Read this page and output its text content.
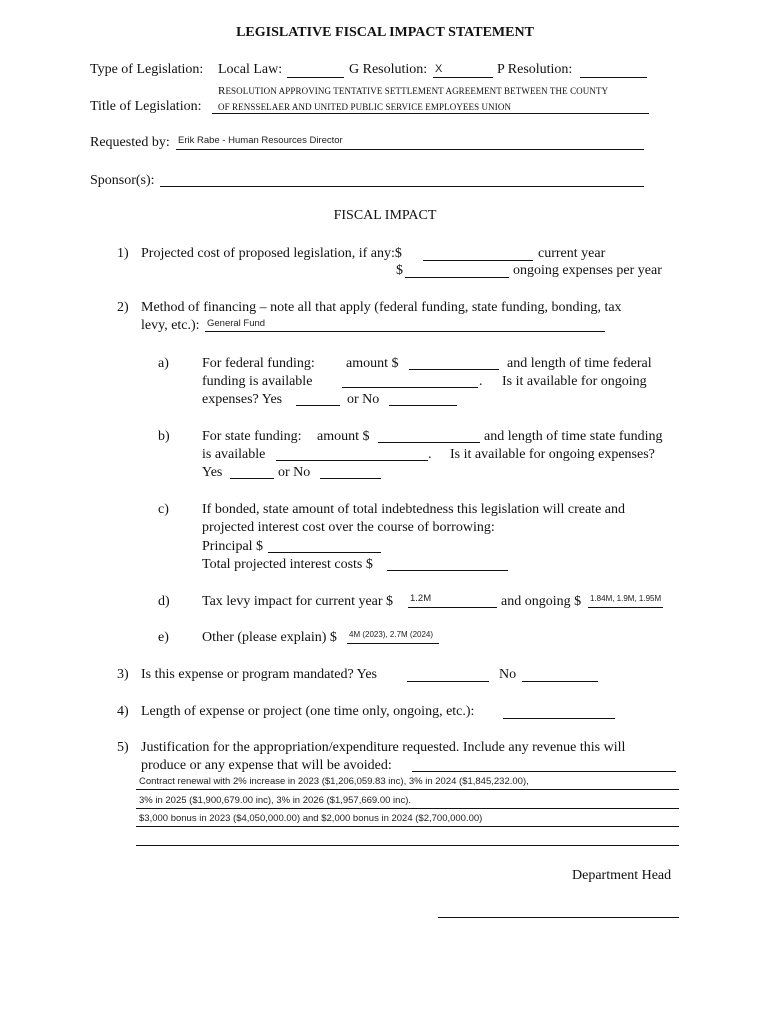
LEGISLATIVE FISCAL IMPACT STATEMENT
Type of Legislation: Local Law:	G Resolution: X	P Resolution:
RESOLUTION APPROVING TENTATIVE SETTLEMENT AGREEMENT BETWEEN THE COUNTY
Title of Legislation: OF RENSSELAER AND UNITED PUBLIC SERVICE EMPLOYEES UNION
Requested by: Erik Rabe - Human Resources Director
Sponsor(s):
FISCAL IMPACT
1) Projected cost of proposed legislation, if any:$	current year
$	ongoing expenses per year
2) Method of financing – note all that apply (federal funding, state funding, bonding, tax
levy, etc.): General Fund
a) For federal funding: amount $	and length of time federal
funding is available	. Is it available for ongoing
expenses? Yes	or No
b) For state funding: amount $	and length of time state funding
is available	. Is it available for ongoing expenses?
Yes	or No
c) If bonded, state amount of total indebtedness this legislation will create and
projected interest cost over the course of borrowing:
Principal $
Total projected interest costs $
d) Tax levy impact for current year $ 1.2M	and ongoing $ 1.84M, 1.9M, 1.95M
e) Other (please explain) $ 4M (2023), 2.7M (2024)
3) Is this expense or program mandated? Yes	No
4) Length of expense or project (one time only, ongoing, etc.):
5) Justification for the appropriation/expenditure requested. Include any revenue this will
produce or any expense that will be avoided:
Contract renewal with 2% increase in 2023 ($1,206,059.83 inc), 3% in 2024 ($1,845,232.00),
3% in 2025 ($1,900,679.00 inc), 3% in 2026 ($1,957,669.00 inc).
$3,000 bonus in 2023 ($4,050,000.00) and $2,000 bonus in 2024 ($2,700,000.00)
Department Head
